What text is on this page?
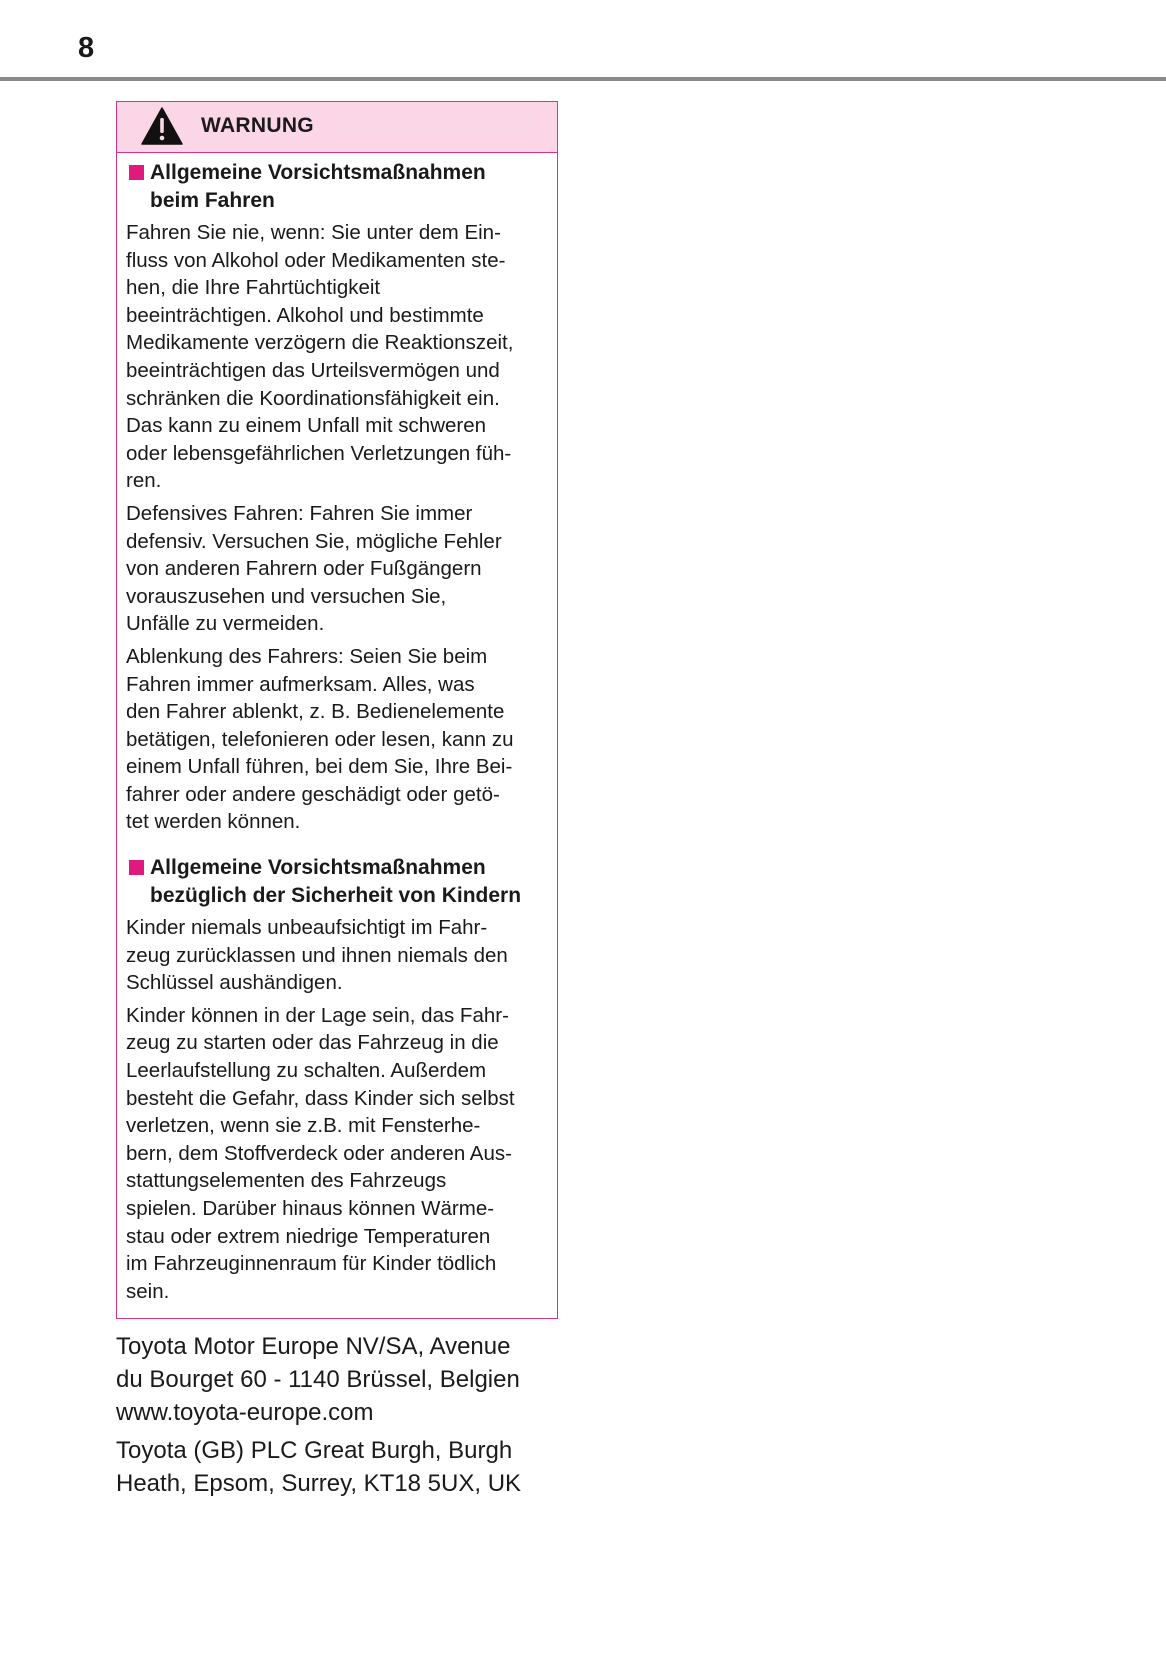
8
WARNUNG
Allgemeine Vorsichtsmaßnahmen
beim Fahren

Fahren Sie nie, wenn: Sie unter dem Ein-
fluss von Alkohol oder Medikamenten ste-
hen, die Ihre Fahrtüchtigkeit
beeinträchtigen. Alkohol und bestimmte
Medikamente verzögern die Reaktionszeit,
beeinträchtigen das Urteilsvermögen und
schränken die Koordinationsfähigkeit ein.
Das kann zu einem Unfall mit schweren
oder lebensgefährlichen Verletzungen füh-
ren.

Defensives Fahren: Fahren Sie immer
defensiv. Versuchen Sie, mögliche Fehler
von anderen Fahrern oder Fußgängern
vorauszusehen und versuchen Sie,
Unfälle zu vermeiden.

Ablenkung des Fahrers: Seien Sie beim
Fahren immer aufmerksam. Alles, was
den Fahrer ablenkt, z. B. Bedienelemente
betätigen, telefonieren oder lesen, kann zu
einem Unfall führen, bei dem Sie, Ihre Bei-
fahrer oder andere geschädigt oder getö-
tet werden können.

Allgemeine Vorsichtsmaßnahmen
bezüglich der Sicherheit von Kindern

Kinder niemals unbeaufsichtigt im Fahr-
zeug zurücklassen und ihnen niemals den
Schlüssel aushändigen.

Kinder können in der Lage sein, das Fahr-
zeug zu starten oder das Fahrzeug in die
Leerlaufstellung zu schalten. Außerdem
besteht die Gefahr, dass Kinder sich selbst
verletzen, wenn sie z.B. mit Fensterhe-
bern, dem Stoffverdeck oder anderen Aus-
stattungselementen des Fahrzeugs
spielen. Darüber hinaus können Wärme-
stau oder extrem niedrige Temperaturen
im Fahrzeuginnenraum für Kinder tödlich
sein.

Toyota Motor Europe NV/SA, Avenue
du Bourget 60 - 1140 Brüssel, Belgien
www.toyota-europe.com
Toyota (GB) PLC Great Burgh, Burgh
Heath, Epsom, Surrey, KT18 5UX, UK
